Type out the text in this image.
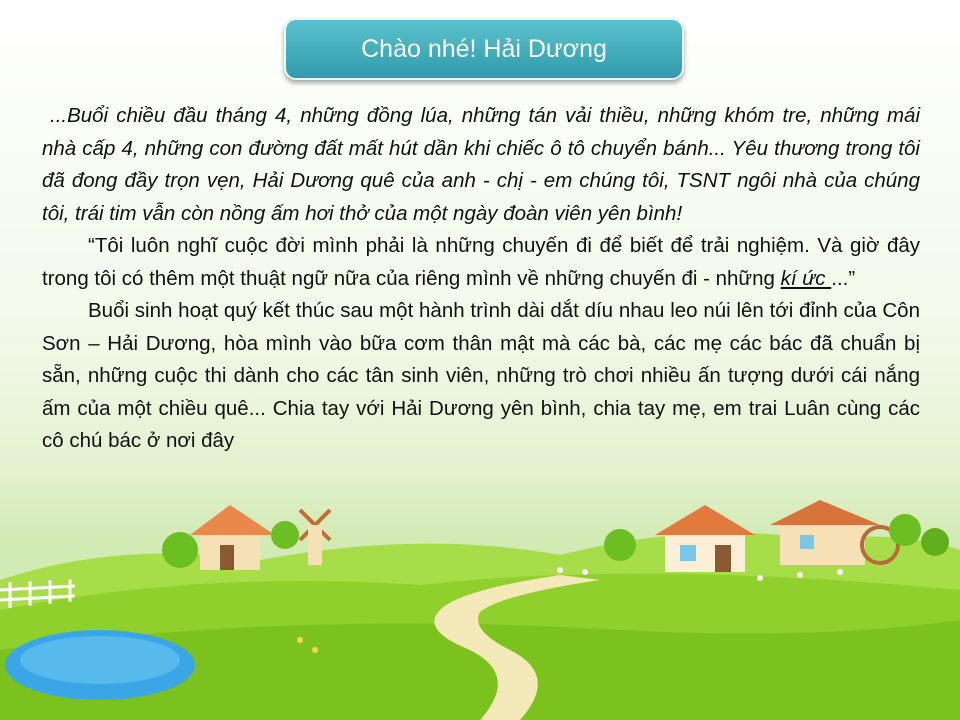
Chào nhé! Hải Dương

...Buổi chiều đầu tháng 4, những đồng lúa, những tán vải thiều, những khóm tre, những mái nhà cấp 4, những con đường đất mất hút dần khi chiếc ô tô chuyển bánh... Yêu thương trong tôi đã đong đầy trọn vẹn, Hải Dương quê của anh - chị - em chúng tôi, TSNT ngôi nhà của chúng tôi, trái tim vẫn còn nồng ấm hơi thở của một ngày đoàn viên yên bình!

“Tôi luôn nghĩ cuộc đời mình phải là những chuyến đi để biết để trải nghiệm. Và giờ đây trong tôi có thêm một thuật ngữ nữa của riêng mình về những chuyến đi - những kí ức ...”

Buổi sinh hoạt quý kết thúc sau một hành trình dài dắt díu nhau leo núi lên tới đỉnh của Côn Sơn – Hải Dương, hòa mình vào bữa cơm thân mật mà các bà, các mẹ các bác đã chuẩn bị sẵn, những cuộc thi dành cho các tân sinh viên, những trò chơi nhiều ấn tượng dưới cái nắng ấm của một chiều quê... Chia tay với Hải Dương yên bình, chia tay mẹ, em trai Luân cùng các cô chú bác ở nơi đây
